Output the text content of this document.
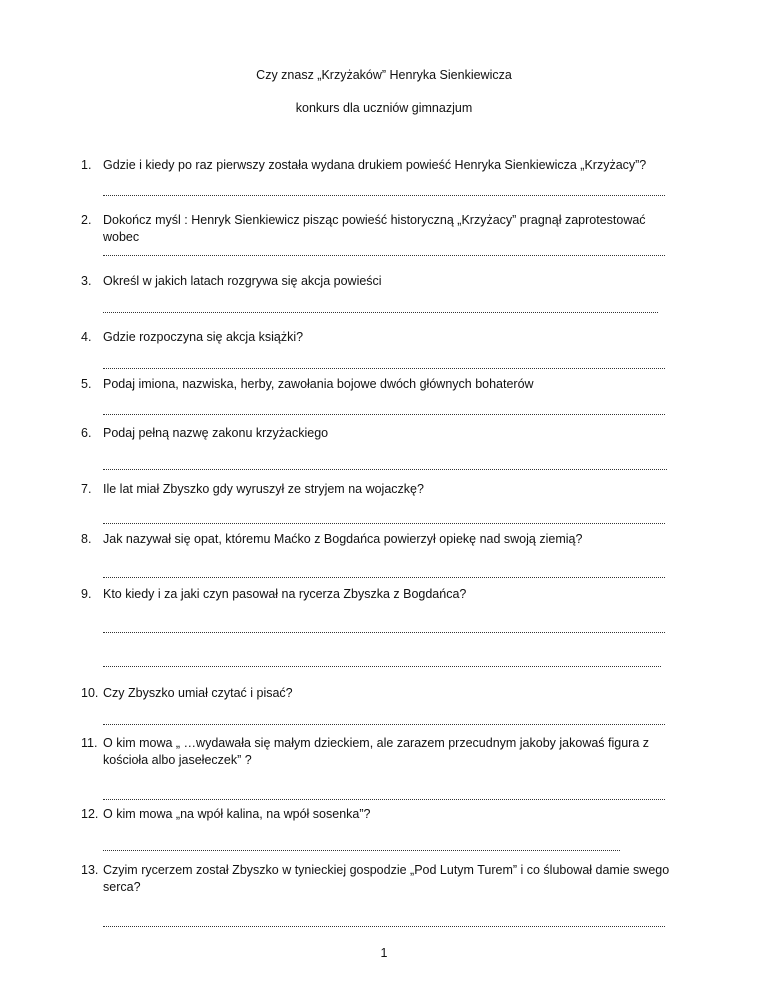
Czy znasz „Krzyżaków” Henryka Sienkiewicza
konkurs dla uczniów gimnazjum
1. Gdzie i kiedy po raz pierwszy została wydana drukiem powieść Henryka Sienkiewicza „Krzyżacy”?
2. Dokończ myśl : Henryk Sienkiewicz pisząc powieść historyczną „Krzyżacy” pragnął zaprotestować wobec
3. Określ w jakich latach rozgrywa się akcja powieści
4. Gdzie rozpoczyna się akcja książki?
5. Podaj imiona, nazwiska, herby, zawołania bojowe dwóch głównych bohaterów
6. Podaj pełną nazwę zakonu krzyżackiego
7. Ile lat miał Zbyszko gdy wyruszył ze stryjem na wojaczkę?
8. Jak nazywał się opat, któremu Maćko z Bogdańca powierzył opiekę nad swoją ziemią?
9. Kto kiedy i za jaki czyn pasował na rycerza Zbyszka z Bogdańca?
10. Czy Zbyszko umiał czytać i pisać?
11. O kim mowa „ …wydawała się małym dzieckiem, ale zarazem przecudnym jakoby jakowaś figura z kościoła albo jasełeczek” ?
12. O kim mowa „na wpół kalina, na wpół sosenka”?
13. Czyim rycerzem został Zbyszko w tynieckiej gospodzie „Pod Lutym Turem” i co ślubował damie swego serca?
1
